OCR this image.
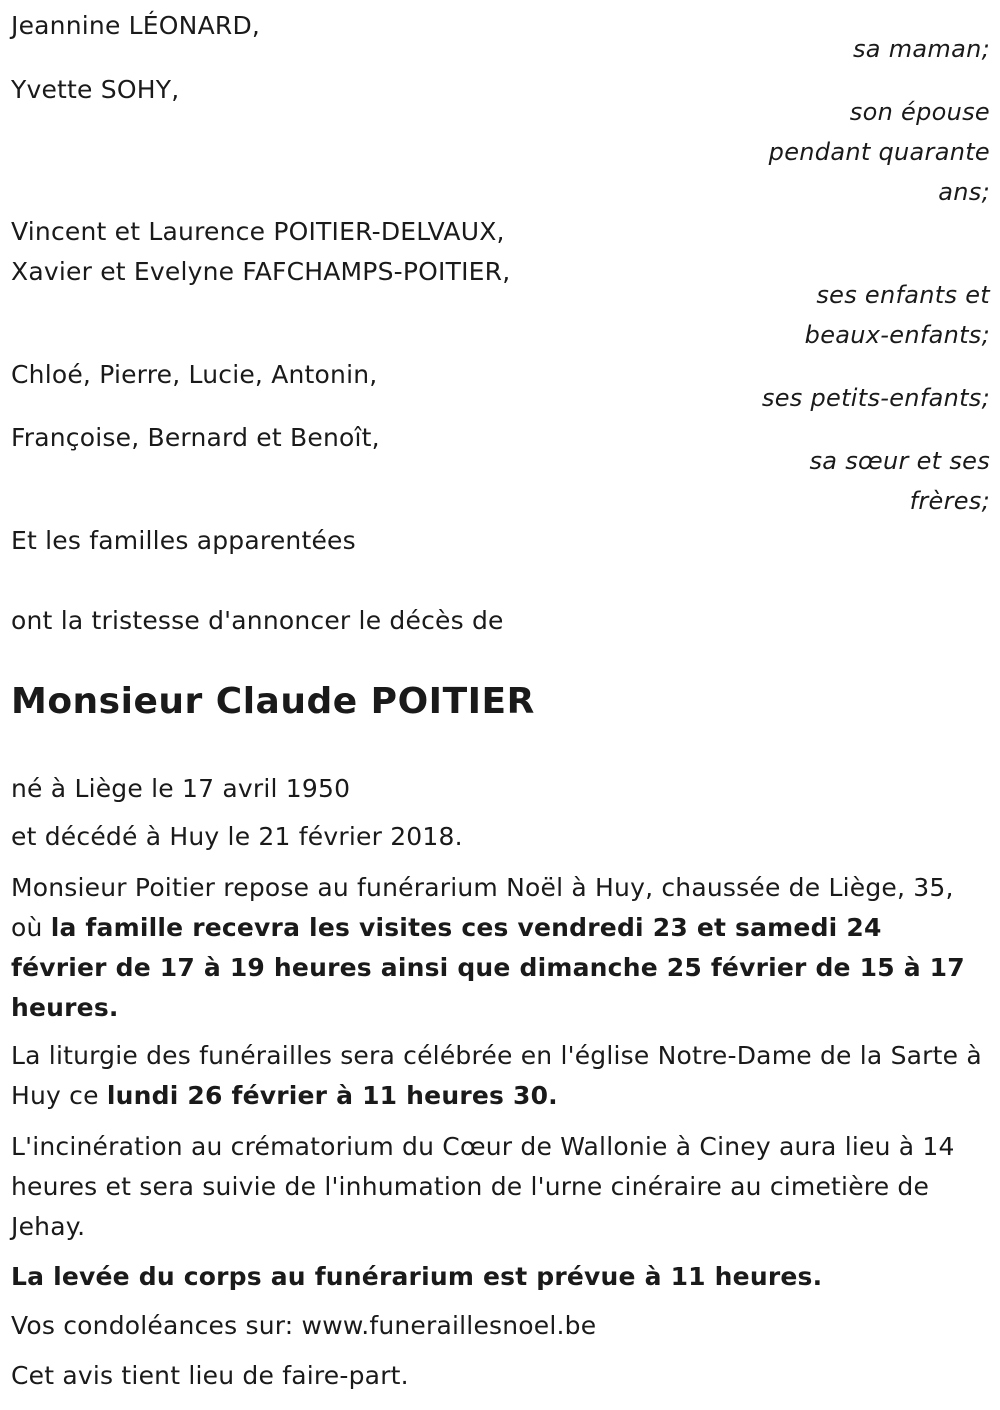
Jeannine LÉONARD,
sa maman;
Yvette SOHY,
son épouse
pendant quarante
ans;
Vincent et Laurence POITIER-DELVAUX,
Xavier et Evelyne FAFCHAMPS-POITIER,
ses enfants et
beaux-enfants;
Chloé, Pierre, Lucie, Antonin,
ses petits-enfants;
Françoise, Bernard et Benoît,
sa sœur et ses
frères;
Et les familles apparentées
ont la tristesse d'annoncer le décès de
Monsieur Claude POITIER
né à Liège le 17 avril 1950
et décédé à Huy le 21 février 2018.
Monsieur Poitier repose au funérarium Noël à Huy, chaussée de Liège, 35, où la famille recevra les visites ces vendredi 23 et samedi 24 février de 17 à 19 heures ainsi que dimanche 25 février de 15 à 17 heures.
La liturgie des funérailles sera célébrée en l'église Notre-Dame de la Sarte à Huy ce lundi 26 février à 11 heures 30.
L'incinération au crématorium du Cœur de Wallonie à Ciney aura lieu à 14 heures et sera suivie de l'inhumation de l'urne cinéraire au cimetière de Jehay.
La levée du corps au funérarium est prévue à 11 heures.
Vos condoléances sur: www.funeraillesnoel.be
Cet avis tient lieu de faire-part.
